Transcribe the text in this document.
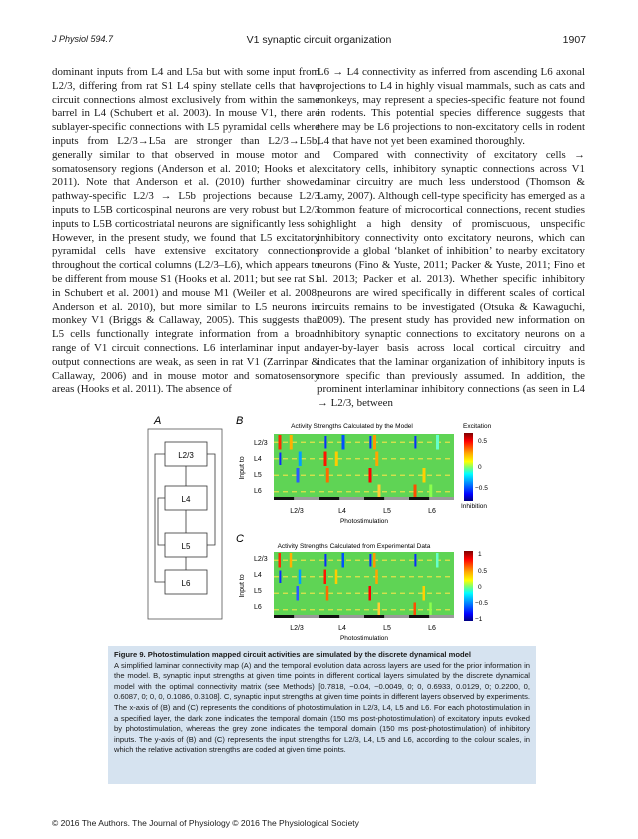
J Physiol 594.7	V1 synaptic circuit organization	1907

dominant inputs from L4 and L5a but with some input from L2/3, differing from rat S1 L4 spiny stellate cells that have circuit connections almost exclusively from within the same barrel in L4 (Schubert et al. 2003). In mouse V1, there are sublayer-specific connections with L5 pyramidal cells where inputs from L2/3→L5a are stronger than L2/3→L5b, generally similar to that observed in mouse motor and somatosensory regions (Anderson et al. 2010; Hooks et al. 2011). Note that Anderson et al. (2010) further showed pathway-specific L2/3 → L5b projections because L2/3 inputs to L5B corticospinal neurons are very robust but L2/3 inputs to L5B corticostriatal neurons are significantly less so. However, in the present study, we found that L5 excitatory pyramidal cells have extensive excitatory connections throughout the cortical columns (L2/3–L6), which appears to be different from mouse S1 (Hooks et al. 2011; but see rat S1 in Schubert et al. 2001) and mouse M1 (Weiler et al. 2008; Anderson et al. 2010), but more similar to L5 neurons in monkey V1 (Briggs & Callaway, 2005). This suggests that L5 cells functionally integrate information from a broad range of V1 circuit connections. L6 interlaminar input and output connections are weak, as seen in rat V1 (Zarrinpar & Callaway, 2006) and in mouse motor and somatosensory areas (Hooks et al. 2011). The absence of

L6 → L4 connectivity as inferred from ascending L6 axonal projections to L4 in highly visual mammals, such as cats and monkeys, may represent a species-specific feature not found in rodents. This potential species difference suggests that there may be L6 projections to non-excitatory cells in rodent L4 that have not yet been examined thoroughly.

Compared with connectivity of excitatory cells → excitatory cells, inhibitory synaptic connections across V1 laminar circuitry are much less understood (Thomson & Lamy, 2007). Although cell-type specificity has emerged as a common feature of microcortical connections, recent studies highlight a high density of promiscuous, unspecific inhibitory connectivity onto excitatory neurons, which can provide a global ‘blanket of inhibition’ to nearby excitatory neurons (Fino & Yuste, 2011; Packer & Yuste, 2011; Fino et al. 2013; Packer et al. 2013). Whether specific inhibitory neurons are wired specifically in different scales of cortical circuits remains to be investigated (Otsuka & Kawaguchi, 2009). The present study has provided new information on inhibitory synaptic connections to excitatory neurons on a layer-by-layer basis across local cortical circuitry and indicates that the laminar organization of inhibitory inputs is more specific than previously assumed. In addition, the prominent interlaminar inhibitory connections (as seen in L4 → L2/3, between

A
L2/3
L4
L5
L6
B	Activity Strengths Calculated by the Model
Input to
L2/3
L4
L5
L6
L2/3	L4	L5	L6
Photostimulation
Excitation
0.5
0
−0.5
Inhibition
C
Activity Strengths Calculated from Experimental Data
Input to
L2/3
L4
L5
L6
L2/3	L4	L5	L6
Photostimulation
1
0.5
0
−0.5
−1
Figure 9. Photostimulation mapped circuit activities are simulated by the discrete dynamical model
A simplified laminar connectivity map (A) and the temporal evolution data across layers are used for the prior information in the model. B, synaptic input strengths at given time points in different cortical layers simulated by the discrete dynamical model with the optimal connectivity matrix (see Methods) [0.7818, −0.04, −0.0049, 0; 0, 0.6933, 0.0129, 0; 0.2200, 0, 0.6087, 0; 0, 0, 0.1086, 0.3108]. C, synaptic input strengths at given time points in different layers observed by experiments. The x-axis of (B) and (C) represents the conditions of photostimulation in L2/3, L4, L5 and L6. For each photostimulation in a specified layer, the dark zone indicates the temporal domain (150 ms post-photostimulation) of excitatory inputs evoked by photostimulation, whereas the grey zone indicates the temporal domain (150 ms post-photostimulation) of inhibitory inputs. The y-axis of (B) and (C) represents the input strengths for L2/3, L4, L5 and L6, according to the colour scales, in which the relative activation strengths are coded at given time points.
© 2016 The Authors. The Journal of Physiology © 2016 The Physiological Society
